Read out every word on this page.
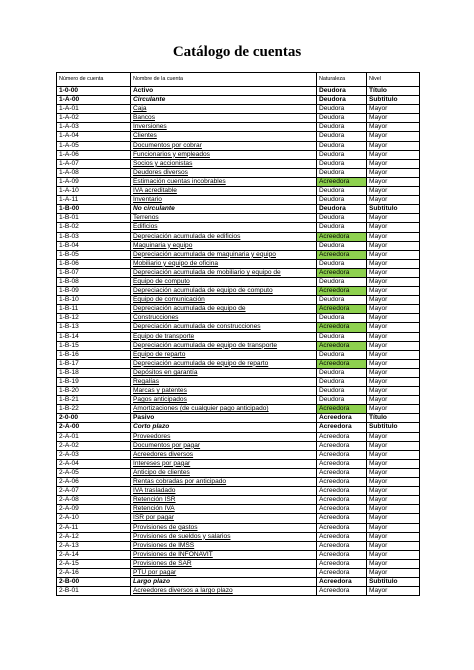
Catálogo de cuentas
Número de cuenta	Nombre de la cuenta	Naturaleza	Nivel
1-0-00	Activo	Deudora	Título
1-A-00	Circulante	Deudora	Subtitulo
1-A-01	Caja	Deudora	Mayor
1-A-02	Bancos	Deudora	Mayor
1-A-03	Inversiones	Deudora	Mayor
1-A-04	Clientes	Deudora	Mayor
1-A-05	Documentos por cobrar	Deudora	Mayor
1-A-06	Funcionarios y empleados	Deudora	Mayor
1-A-07	Socios y accionistas	Deudora	Mayor
1-A-08	Deudores diversos	Deudora	Mayor
1-A-09	Estimación cuentas incobrables	Acreedora	Mayor
1-A-10	IVA acreditable	Deudora	Mayor
1-A-11	Inventario	Deudora	Mayor
1-B-00	No circulante	Deudora	Subtitulo
1-B-01	Terrenos	Deudora	Mayor
1-B-02	Edificios	Deudora	Mayor
1-B-03	Depreciación acumulada de edificios	Acreedora	Mayor
1-B-04	Maquinaria y equipo	Deudora	Mayor
1-B-05	Depreciación acumulada de maquinaria y equipo	Acreedora	Mayor
1-B-06	Mobiliario y equipo de oficina	Deudora	Mayor
1-B-07	Depreciación acumulada de mobiliario y equipo de	Acreedora	Mayor
1-B-08	Equipo de computo	Deudora	Mayor
1-B-09	Depreciación acumulada de equipo de computo	Acreedora	Mayor
1-B-10	Equipo de comunicación	Deudora	Mayor
1-B-11	Depreciación acumulada de equipo de	Acreedora	Mayor
1-B-12	Construcciones	Deudora	Mayor
1-B-13	Depreciación acumulada de construcciones	Acreedora	Mayor
1-B-14	Equipo de transporte	Deudora	Mayor
1-B-15	Depreciación acumulada de equipo de transporte	Acreedora	Mayor
1-B-16	Equipo de reparto	Deudora	Mayor
1-B-17	Depreciación acumulada de equipo de reparto	Acreedora	Mayor
1-B-18	Depósitos en garantía	Deudora	Mayor
1-B-19	Regalías	Deudora	Mayor
1-B-20	Marcas y patentes	Deudora	Mayor
1-B-21	Pagos anticipados	Deudora	Mayor
1-B-22	Amortizaciones (de cualquier pago anticipado)	Acreedora	Mayor
2-0-00	Pasivo	Acreedora	Título
2-A-00	Corto plazo	Acreedora	Subtitulo
2-A-01	Proveedores	Acreedora	Mayor
2-A-02	Documentos por pagar	Acreedora	Mayor
2-A-03	Acreedores diversos	Acreedora	Mayor
2-A-04	Intereses por pagar	Acreedora	Mayor
2-A-05	Anticipo de clientes	Acreedora	Mayor
2-A-06	Rentas cobradas por anticipado	Acreedora	Mayor
2-A-07	IVA trasladado	Acreedora	Mayor
2-A-08	Retención ISR	Acreedora	Mayor
2-A-09	Retención IVA	Acreedora	Mayor
2-A-10	ISR por pagar	Acreedora	Mayor
2-A-11	Provisiones de gastos	Acreedora	Mayor
2-A-12	Provisiones de sueldos y salarios	Acreedora	Mayor
2-A-13	Provisiones de IMSS	Acreedora	Mayor
2-A-14	Provisiones de INFONAVIT	Acreedora	Mayor
2-A-15	Provisiones de SAR	Acreedora	Mayor
2-A-16	PTU por pagar	Acreedora	Mayor
2-B-00	Largo plazo	Acreedora	Subtitulo
2-B-01	Acreedores diversos a largo plazo	Acreedora	Mayor
